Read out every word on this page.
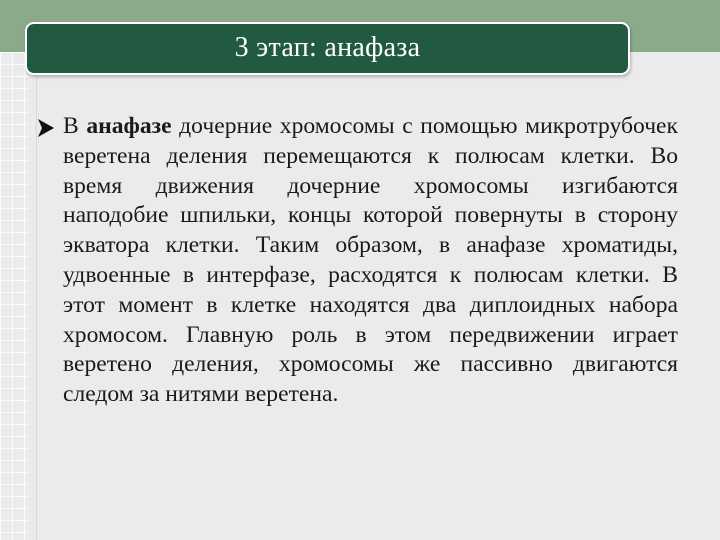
3 этап: анафаза

В анафазе дочерние хромосомы с помощью микротрубочек веретена деления перемещаются к полюсам клетки. Во время движения дочерние хромосомы изгибаются наподобие шпильки, концы которой повернуты в сторону экватора клетки. Таким образом, в анафазе хроматиды, удвоенные в интерфазе, расходятся к полюсам клетки. В этот момент в клетке находятся два диплоидных набора хромосом. Главную роль в этом передвижении играет веретено деления, хромосомы же пассивно двигаются следом за нитями веретена.
